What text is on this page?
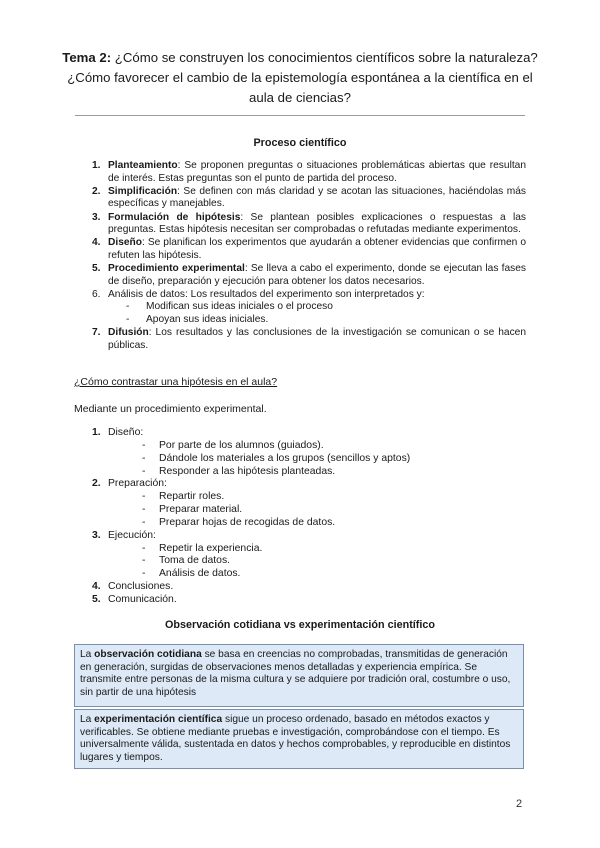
Tema 2: ¿Cómo se construyen los conocimientos científicos sobre la naturaleza? ¿Cómo favorecer el cambio de la epistemología espontánea a la científica en el aula de ciencias?
Proceso científico
1. Planteamiento: Se proponen preguntas o situaciones problemáticas abiertas que resultan de interés. Estas preguntas son el punto de partida del proceso.
2. Simplificación: Se definen con más claridad y se acotan las situaciones, haciéndolas más específicas y manejables.
3. Formulación de hipótesis: Se plantean posibles explicaciones o respuestas a las preguntas. Estas hipótesis necesitan ser comprobadas o refutadas mediante experimentos.
4. Diseño: Se planifican los experimentos que ayudarán a obtener evidencias que confirmen o refuten las hipótesis.
5. Procedimiento experimental: Se lleva a cabo el experimento, donde se ejecutan las fases de diseño, preparación y ejecución para obtener los datos necesarios.
6. Análisis de datos: Los resultados del experimento son interpretados y:
- Modifican sus ideas iniciales o el proceso
- Apoyan sus ideas iniciales.
7. Difusión: Los resultados y las conclusiones de la investigación se comunican o se hacen públicas.
¿Cómo contrastar una hipótesis en el aula?
Mediante un procedimiento experimental.
1. Diseño:
- Por parte de los alumnos (guiados).
- Dándole los materiales a los grupos (sencillos y aptos)
- Responder a las hipótesis planteadas.
2. Preparación:
- Repartir roles.
- Preparar material.
- Preparar hojas de recogidas de datos.
3. Ejecución:
- Repetir la experiencia.
- Toma de datos.
- Análisis de datos.
4. Conclusiones.
5. Comunicación.
Observación cotidiana vs experimentación científico
La observación cotidiana se basa en creencias no comprobadas, transmitidas de generación en generación, surgidas de observaciones menos detalladas y experiencia empírica. Se transmite entre personas de la misma cultura y se adquiere por tradición oral, costumbre o uso, sin partir de una hipótesis
La experimentación científica sigue un proceso ordenado, basado en métodos exactos y verificables. Se obtiene mediante pruebas e investigación, comprobándose con el tiempo. Es universalmente válida, sustentada en datos y hechos comprobables, y reproducible en distintos lugares y tiempos.
2
